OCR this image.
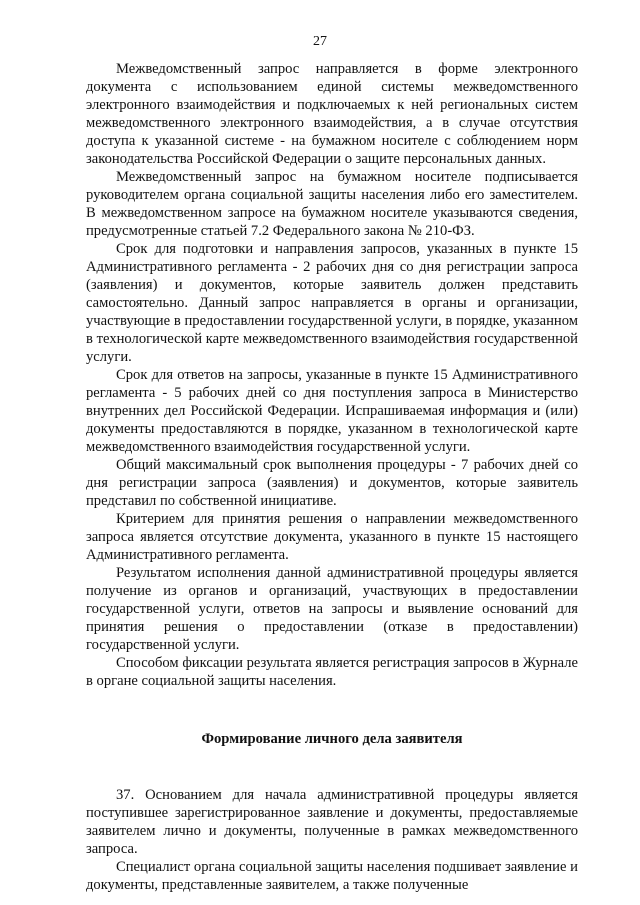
27

Межведомственный запрос направляется в форме электронного документа с использованием единой системы межведомственного электронного взаимодействия и подключаемых к ней региональных систем межведомственного электронного взаимодействия, а в случае отсутствия доступа к указанной системе - на бумажном носителе с соблюдением норм законодательства Российской Федерации о защите персональных данных.

Межведомственный запрос на бумажном носителе подписывается руководителем органа социальной защиты населения либо его заместителем. В межведомственном запросе на бумажном носителе указываются сведения, предусмотренные статьей 7.2 Федерального закона № 210-ФЗ.

Срок для подготовки и направления запросов, указанных в пункте 15 Административного регламента - 2 рабочих дня со дня регистрации запроса (заявления) и документов, которые заявитель должен представить самостоятельно. Данный запрос направляется в органы и организации, участвующие в предоставлении государственной услуги, в порядке, указанном в технологической карте межведомственного взаимодействия государственной услуги.

Срок для ответов на запросы, указанные в пункте 15 Административного регламента - 5 рабочих дней со дня поступления запроса в Министерство внутренних дел Российской Федерации. Испрашиваемая информация и (или) документы предоставляются в порядке, указанном в технологической карте межведомственного взаимодействия государственной услуги.

Общий максимальный срок выполнения процедуры - 7 рабочих дней со дня регистрации запроса (заявления) и документов, которые заявитель представил по собственной инициативе.

Критерием для принятия решения о направлении межведомственного запроса является отсутствие документа, указанного в пункте 15 настоящего Административного регламента.

Результатом исполнения данной административной процедуры является получение из органов и организаций, участвующих в предоставлении государственной услуги, ответов на запросы и выявление оснований для принятия решения о предоставлении (отказе в предоставлении) государственной услуги.

Способом фиксации результата является регистрация запросов в Журнале в органе социальной защиты населения.

Формирование личного дела заявителя

37. Основанием для начала административной процедуры является поступившее зарегистрированное заявление и документы, предоставляемые заявителем лично и документы, полученные в рамках межведомственного запроса.

Специалист органа социальной защиты населения подшивает заявление и документы, представленные заявителем, а также полученные
